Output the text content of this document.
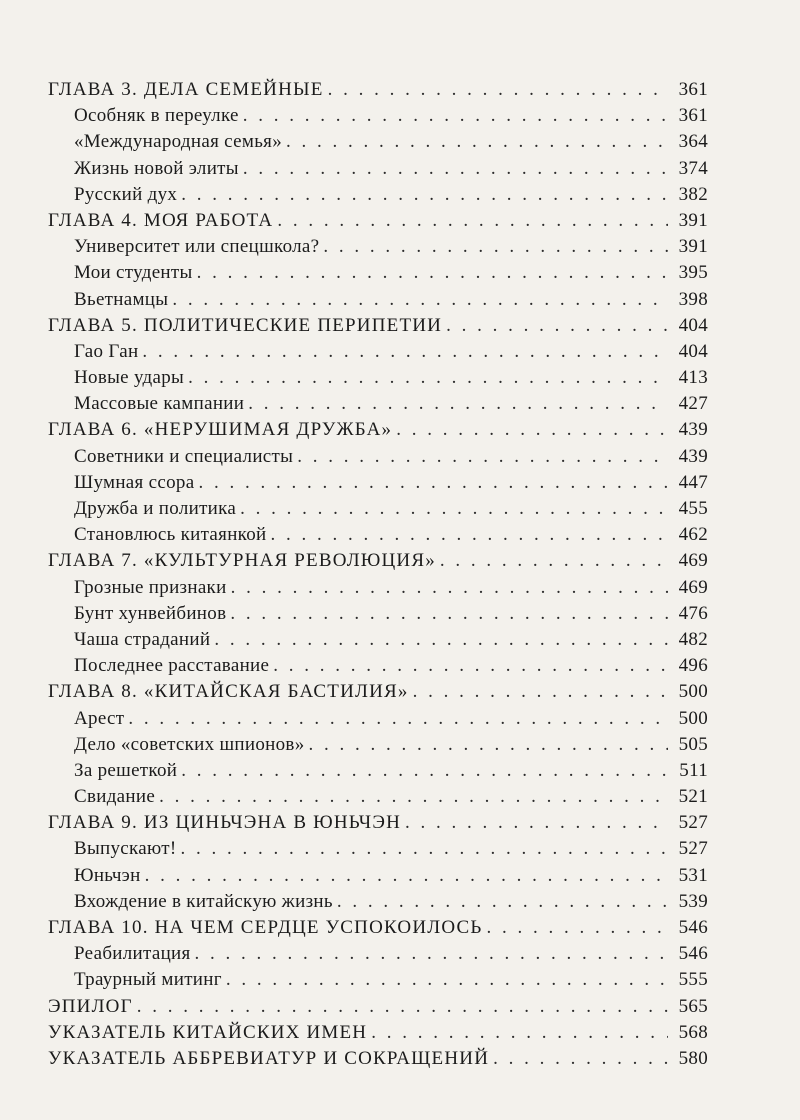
ГЛАВА 3. ДЕЛА СЕМЕЙНЫЕ . . .	361
Особняк в переулке . . .	361
«Международная семья» . . .	364
Жизнь новой элиты . . .	374
Русский дух . . .	382
ГЛАВА 4. МОЯ РАБОТА . . .	391
Университет или спецшкола? . . .	391
Мои студенты . . .	395
Вьетнамцы . . .	398
ГЛАВА 5. ПОЛИТИЧЕСКИЕ ПЕРИПЕТИИ . . .	404
Гао Ган . . .	404
Новые удары . . .	413
Массовые кампании . . .	427
ГЛАВА 6. «НЕРУШИМАЯ ДРУЖБА» . . .	439
Советники и специалисты . . .	439
Шумная ссора . . .	447
Дружба и политика . . .	455
Становлюсь китаянкой . . .	462
ГЛАВА 7. «КУЛЬТУРНАЯ РЕВОЛЮЦИЯ» . . .	469
Грозные признаки . . .	469
Бунт хунвейбинов . . .	476
Чаша страданий . . .	482
Последнее расставание . . .	496
ГЛАВА 8. «КИТАЙСКАЯ БАСТИЛИЯ» . . .	500
Арест . . .	500
Дело «советских шпионов» . . .	505
За решеткой . . .	511
Свидание . . .	521
ГЛАВА 9. ИЗ ЦИНЬЧЭНА В ЮНЬЧЭН . . .	527
Выпускают! . . .	527
Юньчэн . . .	531
Вхождение в китайскую жизнь . . .	539
ГЛАВА 10. НА ЧЕМ СЕРДЦЕ УСПОКОИЛОСЬ . . .	546
Реабилитация . . .	546
Траурный митинг . . .	555
ЭПИЛОГ . . .	565
УКАЗАТЕЛЬ КИТАЙСКИХ ИМЕН . . .	568
УКАЗАТЕЛЬ АББРЕВИАТУР И СОКРАЩЕНИЙ . . .	580
